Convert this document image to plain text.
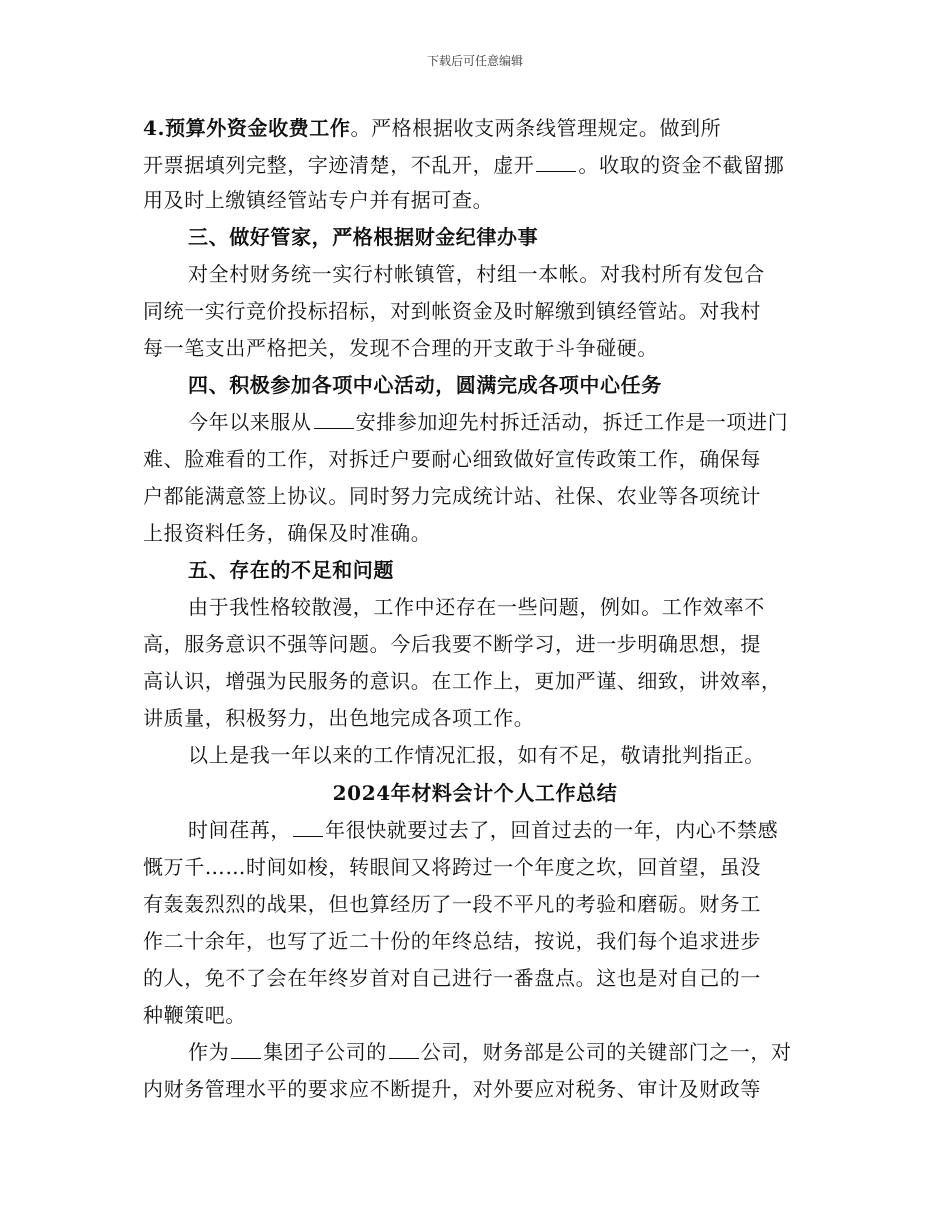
下载后可任意编辑
4.预算外资金收费工作。严格根据收支两条线管理规定。做到所
开票据填列完整，字迹清楚，不乱开，虚开 。收取的资金不截留挪
用及时上缴镇经管站专户并有据可查。
三、做好管家，严格根据财金纪律办事
对全村财务统一实行村帐镇管，村组一本帐。对我村所有发包合
同统一实行竞价投标招标，对到帐资金及时解缴到镇经管站。对我村
每一笔支出严格把关，发现不合理的开支敢于斗争碰硬。
四、积极参加各项中心活动，圆满完成各项中心任务
今年以来服从 安排参加迎先村拆迁活动，拆迁工作是一项进门
难、脸难看的工作，对拆迁户要耐心细致做好宣传政策工作，确保每
户都能满意签上协议。同时努力完成统计站、社保、农业等各项统计
上报资料任务，确保及时准确。
五、存在的不足和问题
由于我性格较散漫，工作中还存在一些问题，例如。工作效率不
高，服务意识不强等问题。今后我要不断学习，进一步明确思想，提
高认识，增强为民服务的意识。在工作上，更加严谨、细致，讲效率，
讲质量，积极努力，出色地完成各项工作。
以上是我一年以来的工作情况汇报，如有不足，敬请批判指正。
2024年材料会计个人工作总结
时间荏苒， 年很快就要过去了，回首过去的一年，内心不禁感
慨万千……时间如梭，转眼间又将跨过一个年度之坎，回首望，虽没
有轰轰烈烈的战果，但也算经历了一段不平凡的考验和磨砺。财务工
作二十余年，也写了近二十份的年终总结，按说，我们每个追求进步
的人，免不了会在年终岁首对自己进行一番盘点。这也是对自己的一
种鞭策吧。
作为 集团子公司的 公司，财务部是公司的关键部门之一，对
内财务管理水平的要求应不断提升，对外要应对税务、审计及财政等
